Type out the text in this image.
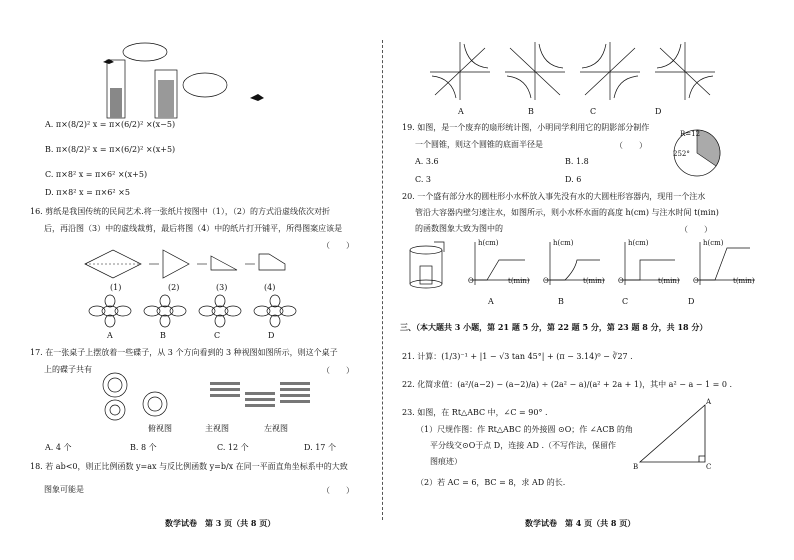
A. π×(8/2)² x = π×(6/2)² ×(x−5)
B. π×(8/2)² x = π×(6/2)² ×(x+5)
C. π×8² x = π×6² ×(x+5)
D. π×8² x = π×6² ×5
16. 剪纸是我国传统的民间艺术.将一张纸片按图中（1），（2）的方式沿虚线依次对折
后，再沿图（3）中的虚线裁剪，最后将图（4）中的纸片打开铺平，所得图案应该是
（　　）
(1)	(2)	(3)	(4)
A	B	C	D
17. 在一张桌子上摆放着一些碟子，从 3 个方向看到的 3 种视图如图所示，则这个桌子
上的碟子共有	（　　）
俯视图	主视图	左视图
A. 4 个	B. 8 个	C. 12 个	D. 17 个
18. 若 ab<0，则正比例函数 y=ax 与反比例函数 y=b/x 在同一平面直角坐标系中的大致
图象可能是	（　　）
数学试卷　第 3 页（共 8 页）
A	B	C	D
19. 如图，是一个废弃的扇形统计图，小明同学利用它的阴影部分制作
一个圆锥，则这个圆锥的底面半径是	（　　）
A. 3.6	B. 1.8
C. 3	D. 6
R=12
252°
20. 一个盛有部分水的圆柱形小水杯放入事先没有水的大圆柱形容器内，现用一个注水
管沿大容器内壁匀速注水，如图所示，则小水杯水面的高度 h(cm) 与注水时间 t(min)
的函数图象大致为图中的	（　　）
h(cm)	h(cm)	h(cm)	h(cm)
O	t(min) O	t(min) O	t(min) O	t(min)
A	B	C	D
三、（本大题共 3 小题，第 21 题 5 分，第 22 题 5 分，第 23 题 8 分，共 18 分）
21. 计算：(1/3)⁻¹ + |1 − √3 tan 45°| + (π − 3.14)⁰ − ∛27 .
22. 化简求值：(a²/(a−2) − (a−2)/a) ÷ (2a² − a)/(a² + 2a + 1)，其中 a² − a − 1 = 0 .
23. 如图，在 Rt△ABC 中，∠C = 90° .
（1）尺规作图：作 Rt△ABC 的外接圆 ⊙O；作 ∠ACB 的角
平分线交⊙O于点 D，连接 AD .（不写作法，保留作
图痕迹）
（2）若 AC = 6，BC = 8，求 AD 的长.
A
B	C
数学试卷　第 4 页（共 8 页）
